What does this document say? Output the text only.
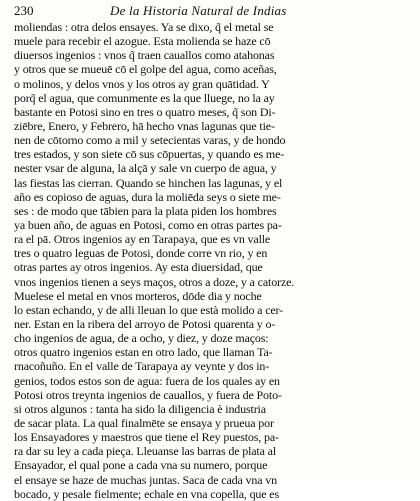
230	De la Historia Natural de Indias
moliendas : otra delos ensayes. Ya se dixo, q̃ el metal se
muele para recebir el azogue. Esta molienda se haze cō
diuersos ingenios : vnos q̃ traen cauallos como atahonas
y otros que se mueuē cō el golpe del agua, como aceñas,
o molinos, y delos vnos y los otros ay gran quātidad. Y
porq̃ el agua, que comunmente es la que lluege, no la ay
bastante en Potosi sino en tres o quatro meses, q̃ son Di-
ziēbre, Enero, y Febrero, hā hecho vnas lagunas que tie-
nen de cōtorno como a mil y setecientas varas, y de hondo
tres estados, y son siete cō sus cōpuertas, y quando es me-
nester vsar de alguna, la alçā y sale vn cuerpo de agua, y
las fiestas las cierran. Quando se hinchen las lagunas, y el
año es copioso de aguas, dura la moliēda seys o siete me-
ses : de modo que tābien para la plata piden los hombres
ya buen año, de aguas en Potosi, como en otras partes pa-
ra el pā. Otros ingenios ay en Tarapaya, que es vn valle
tres o quatro leguas de Potosi, donde corre vn rio, y en
otras partes ay otros ingenios. Ay esta diuersidad, que
vnos ingenios tienen a seys maços, otros a doze, y a catorze.
Muelese el metal en vnos morteros, dōde dia y noche
lo estan echando, y de alli lleuan lo que està molido a cer-
ner. Estan en la ribera del arroyo de Potosi quarenta y o-
cho ingenios de agua, de a ocho, y diez, y doze maços:
otros quatro ingenios estan en otro lado, que llaman Ta-
rnacoñuño. En el valle de Tarapaya ay veynte y dos in-
genios, todos estos son de agua: fuera de los quales ay en
Potosi otros treynta ingenios de cauallos, y fuera de Poto-
si otros algunos : tanta ha sido la diligencia è industria
de sacar plata. La qual finalmēte se ensaya y prueua por
los Ensayadores y maestros que tiene el Rey puestos, pa-
ra dar su ley a cada pieça. Lleuanse las barras de plata al
Ensayador, el qual pone a cada vna su numero, porque
el ensaye se haze de muchas juntas. Saca de cada vna vn
bocado, y pesale fielmente; echale en vna copella, que es
